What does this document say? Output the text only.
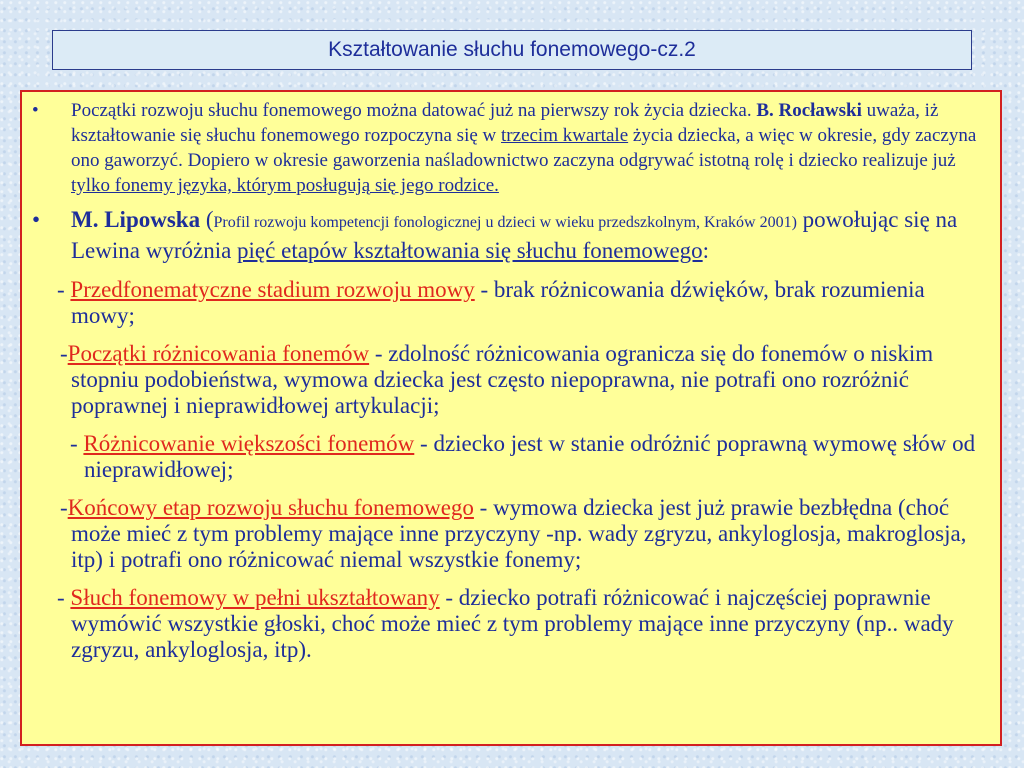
Kształtowanie słuchu fonemowego-cz.2

• Początki rozwoju słuchu fonemowego można datować już na pierwszy rok życia dziecka. B. Rocławski uważa, iż kształtowanie się słuchu fonemowego rozpoczyna się w trzecim kwartale życia dziecka, a więc w okresie, gdy zaczyna ono gaworzyć. Dopiero w okresie gaworzenia naśladownictwo zaczyna odgrywać istotną rolę i dziecko realizuje już tylko fonemy języka, którym posługują się jego rodzice.

• M. Lipowska (Profil rozwoju kompetencji fonologicznej u dzieci w wieku przedszkolnym, Kraków 2001) powołując się na Lewina wyróżnia pięć etapów kształtowania się słuchu fonemowego:

- Przedfonematyczne stadium rozwoju mowy - brak różnicowania dźwięków, brak rozumienia mowy;

-Początki różnicowania fonemów - zdolność różnicowania ogranicza się do fonemów o niskim stopniu podobieństwa, wymowa dziecka jest często niepoprawna, nie potrafi ono rozróżnić poprawnej i nieprawidłowej artykulacji;

- Różnicowanie większości fonemów - dziecko jest w stanie odróżnić poprawną wymowę słów od nieprawidłowej;

-Końcowy etap rozwoju słuchu fonemowego - wymowa dziecka jest już prawie bezbłędna (choć może mieć z tym problemy mające inne przyczyny -np. wady zgryzu, ankyloglosja, makroglosja, itp) i potrafi ono różnicować niemal wszystkie fonemy;

- Słuch fonemowy w pełni ukształtowany - dziecko potrafi różnicować i najczęściej poprawnie wymówić wszystkie głoski, choć może mieć z tym problemy mające inne przyczyny (np.. wady zgryzu, ankyloglosja, itp).
